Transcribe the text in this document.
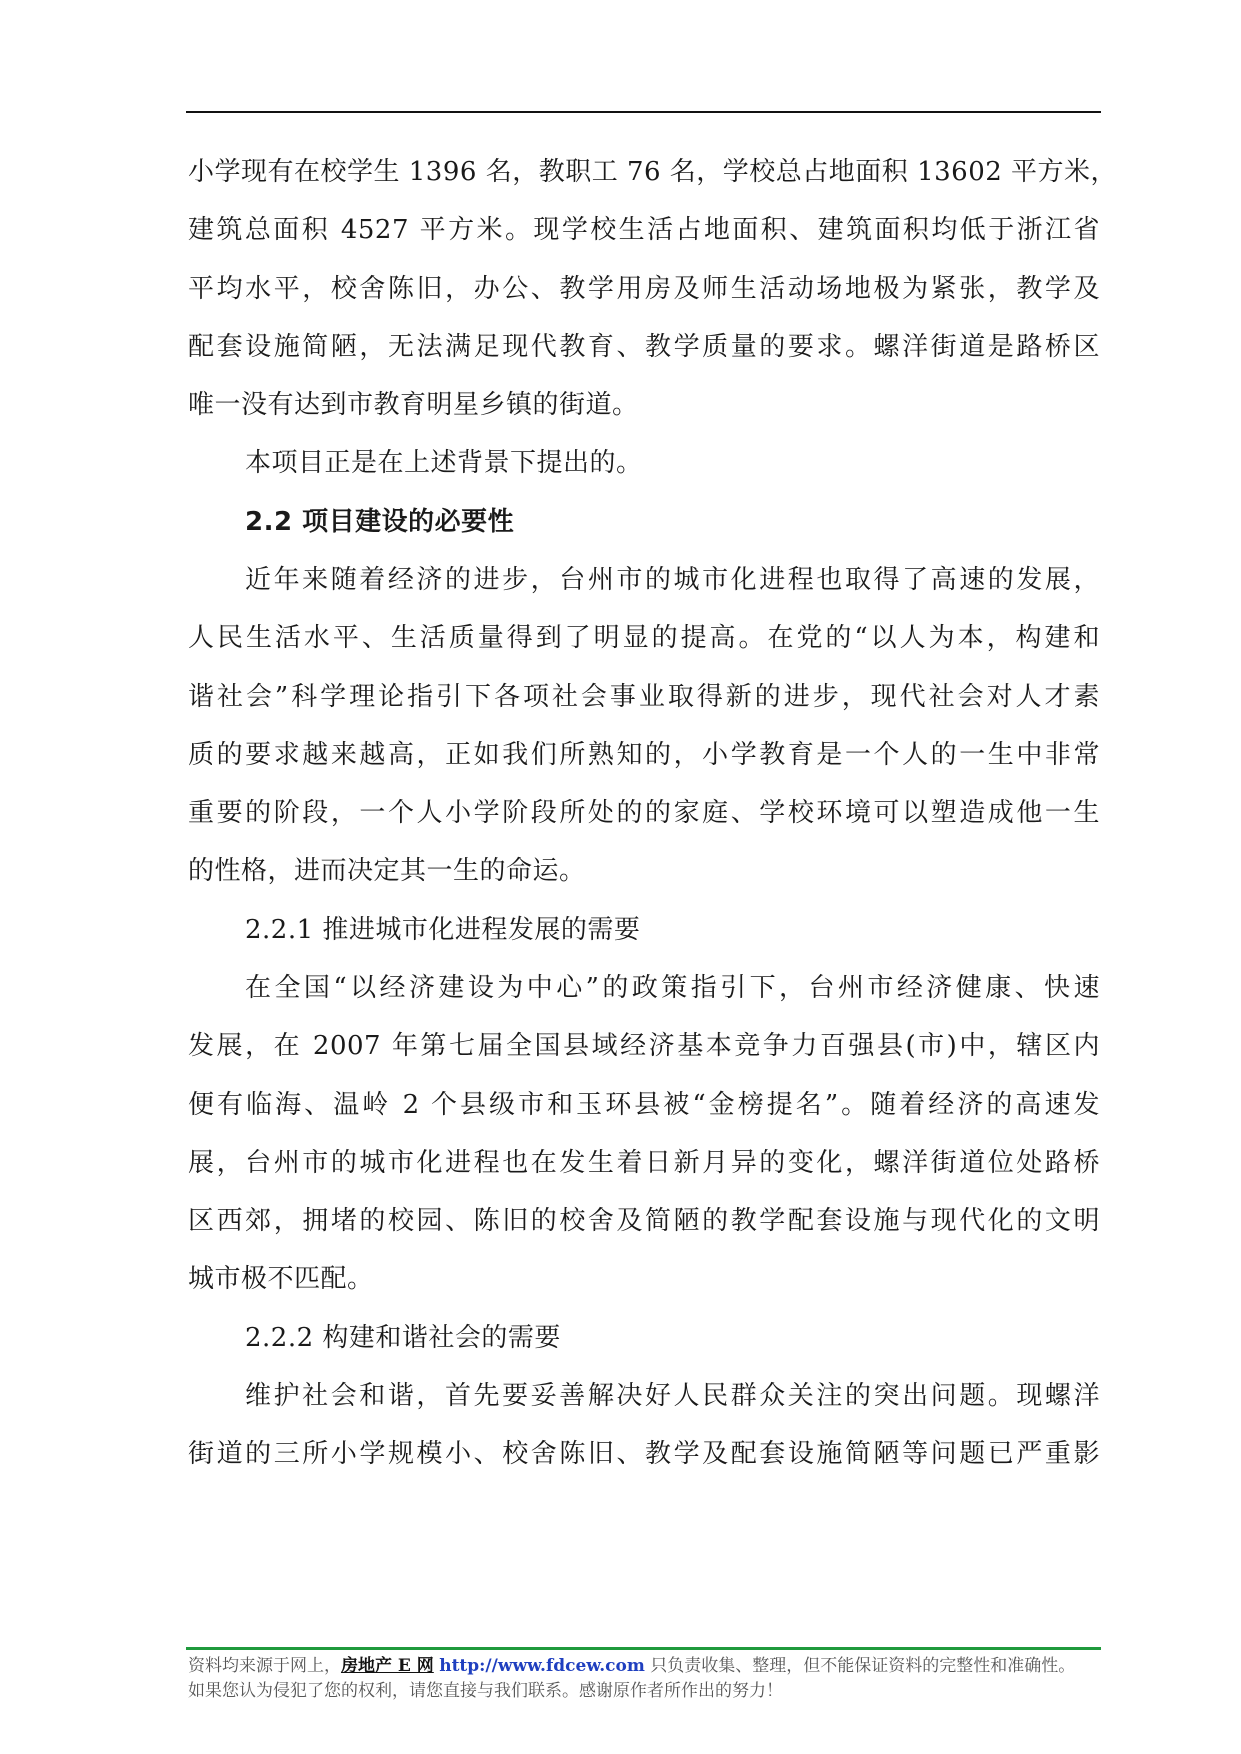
小学现有在校学生 1396 名，教职工 76 名，学校总占地面积 13602 平方米，
建筑总面积 4527 平方米。现学校生活占地面积、建筑面积均低于浙江省
平均水平，校舍陈旧，办公、教学用房及师生活动场地极为紧张，教学及
配套设施简陋，无法满足现代教育、教学质量的要求。螺洋街道是路桥区
唯一没有达到市教育明星乡镇的街道。
本项目正是在上述背景下提出的。
2.2 项目建设的必要性
近年来随着经济的进步，台州市的城市化进程也取得了高速的发展，
人民生活水平、生活质量得到了明显的提高。在党的“以人为本，构建和
谐社会”科学理论指引下各项社会事业取得新的进步，现代社会对人才素
质的要求越来越高，正如我们所熟知的，小学教育是一个人的一生中非常
重要的阶段，一个人小学阶段所处的的家庭、学校环境可以塑造成他一生
的性格，进而决定其一生的命运。
2.2.1 推进城市化进程发展的需要
在全国“以经济建设为中心”的政策指引下，台州市经济健康、快速
发展，在 2007 年第七届全国县域经济基本竞争力百强县(市)中，辖区内
便有临海、温岭 2 个县级市和玉环县被“金榜提名”。随着经济的高速发
展，台州市的城市化进程也在发生着日新月异的变化，螺洋街道位处路桥
区西郊，拥堵的校园、陈旧的校舍及简陋的教学配套设施与现代化的文明
城市极不匹配。
2.2.2 构建和谐社会的需要
维护社会和谐，首先要妥善解决好人民群众关注的突出问题。现螺洋
街道的三所小学规模小、校舍陈旧、教学及配套设施简陋等问题已严重影
资料均来源于网上，房地产 E 网 http://www.fdcew.com 只负责收集、整理，但不能保证资料的完整性和准确性。
如果您认为侵犯了您的权利，请您直接与我们联系。感谢原作者所作出的努力！
